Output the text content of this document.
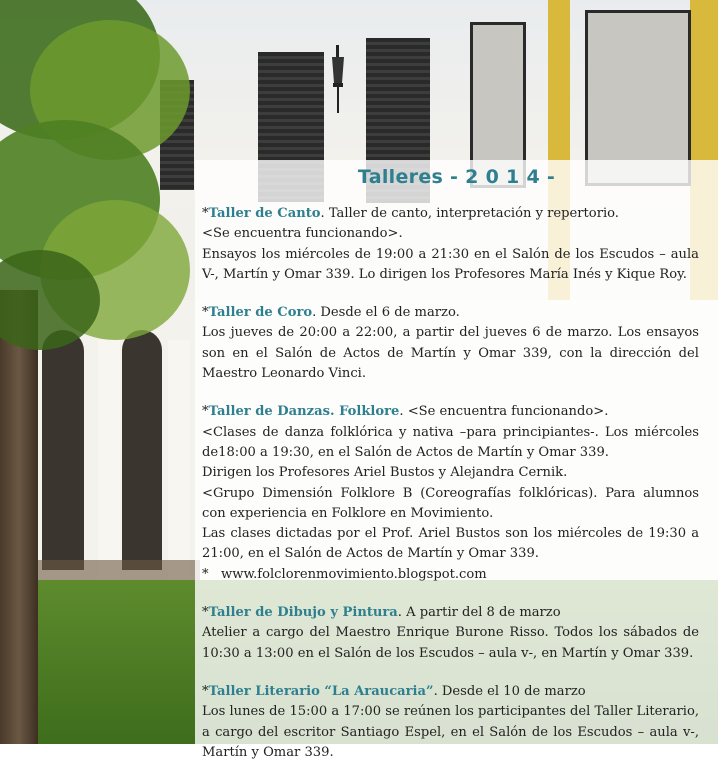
Talleres - 2 0 1 4 -

*Taller de Canto. Taller de canto, interpretación y repertorio.

<Se encuentra funcionando>.

Ensayos los miércoles de 19:00 a 21:30 en el Salón de los Escudos – aula V-, Martín y Omar 339. Lo dirigen los Profesores María Inés y Kique Roy.

*Taller de Coro. Desde el 6 de marzo.

Los jueves de 20:00 a 22:00, a partir del jueves 6 de marzo. Los ensayos son en el Salón de Actos de Martín y Omar 339, con la dirección del Maestro Leonardo Vinci.

*Taller de Danzas. Folklore. <Se encuentra funcionando>.

<Clases de danza folklórica y nativa –para principiantes-. Los miércoles de18:00 a 19:30, en el Salón de Actos de Martín y Omar 339.

Dirigen los Profesores Ariel Bustos y Alejandra Cernik.

<Grupo Dimensión Folklore B (Coreografías folklóricas). Para alumnos con experiencia en Folklore en Movimiento.

Las clases dictadas por el Prof. Ariel Bustos son los miércoles de 19:30 a 21:00, en el Salón de Actos de Martín y Omar 339.

*   www.folclorenmovimiento.blogspot.com

*Taller de Dibujo y Pintura. A partir del 8 de marzo

Atelier a cargo del Maestro Enrique Burone Risso. Todos los sábados de 10:30 a 13:00 en el Salón de los Escudos – aula v-, en Martín y Omar 339.

*Taller Literario “La Araucaria”. Desde el 10 de marzo

Los lunes de 15:00 a 17:00 se reúnen los participantes del Taller Literario, a cargo del escritor Santiago Espel, en el Salón de los Escudos – aula v-, Martín y Omar 339.
